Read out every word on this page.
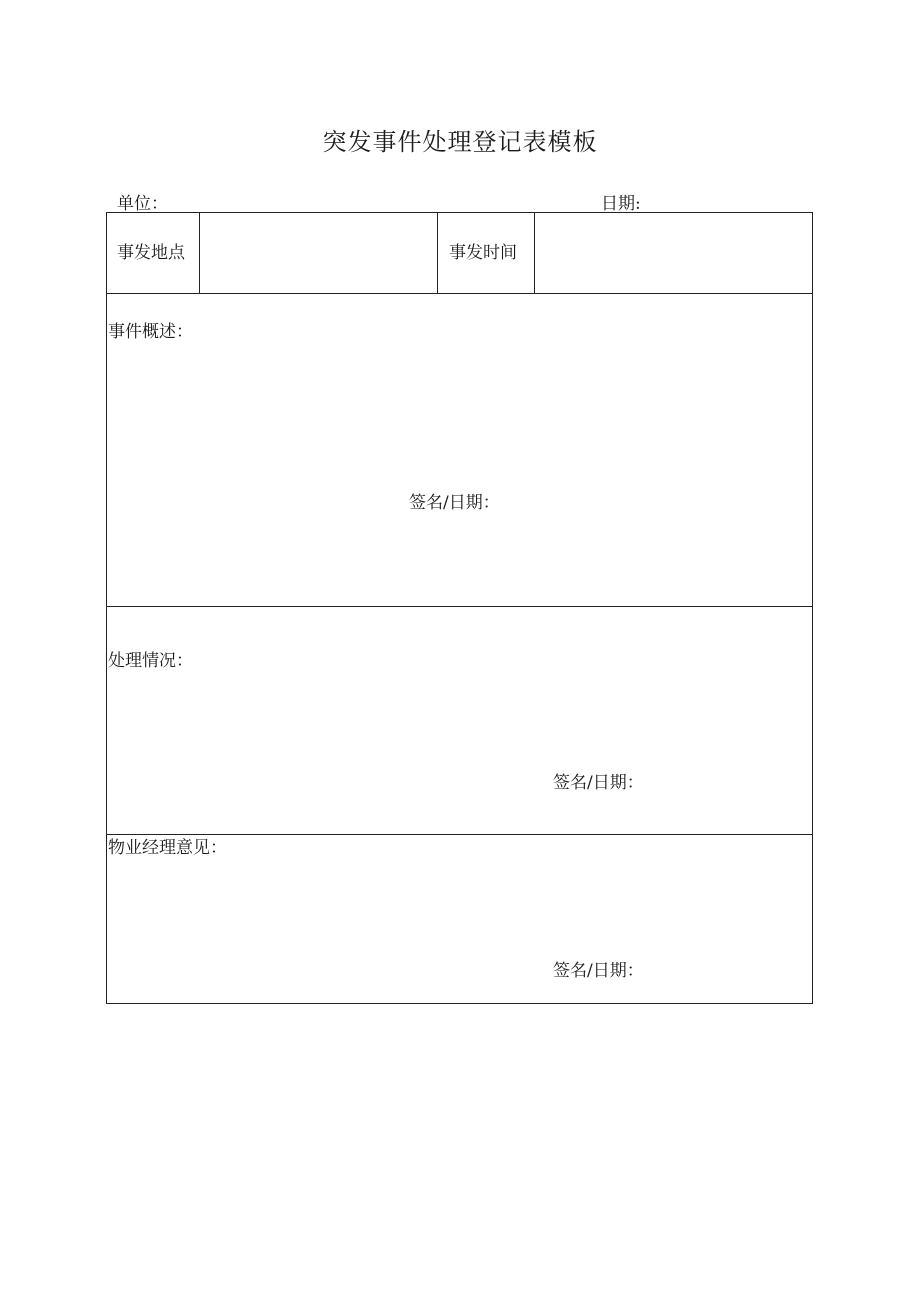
突发事件处理登记表模板
单位：	日期:
事发地点	事发时间
事件概述：
签名/日期：
处理情况：
签名/日期：
物业经理意见：
签名/日期：
